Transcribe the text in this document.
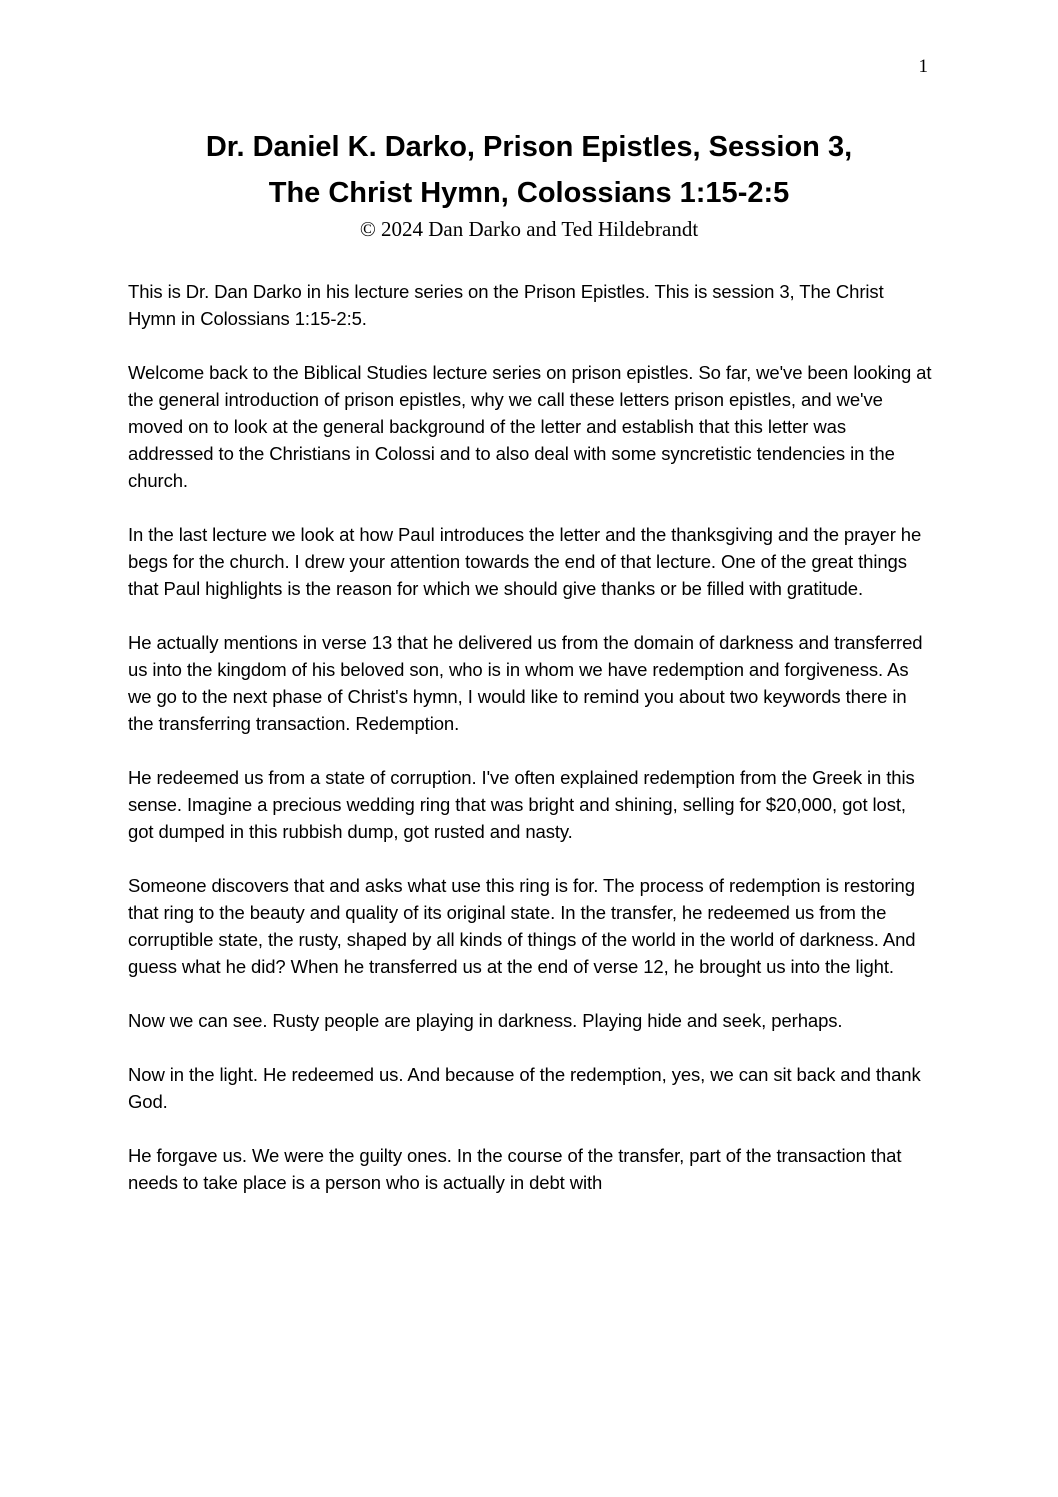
1
Dr. Daniel K. Darko, Prison Epistles, Session 3,
The Christ Hymn, Colossians 1:15-2:5
© 2024 Dan Darko and Ted Hildebrandt

This is Dr. Dan Darko in his lecture series on the Prison Epistles. This is session 3, The Christ Hymn in Colossians 1:15-2:5.

Welcome back to the Biblical Studies lecture series on prison epistles. So far, we've been looking at the general introduction of prison epistles, why we call these letters prison epistles, and we've moved on to look at the general background of the letter and establish that this letter was addressed to the Christians in Colossi and to also deal with some syncretistic tendencies in the church.

In the last lecture we look at how Paul introduces the letter and the thanksgiving and the prayer he begs for the church. I drew your attention towards the end of that lecture. One of the great things that Paul highlights is the reason for which we should give thanks or be filled with gratitude.

He actually mentions in verse 13 that he delivered us from the domain of darkness and transferred us into the kingdom of his beloved son, who is in whom we have redemption and forgiveness. As we go to the next phase of Christ's hymn, I would like to remind you about two keywords there in the transferring transaction. Redemption.

He redeemed us from a state of corruption. I've often explained redemption from the Greek in this sense. Imagine a precious wedding ring that was bright and shining, selling for $20,000, got lost, got dumped in this rubbish dump, got rusted and nasty.

Someone discovers that and asks what use this ring is for. The process of redemption is restoring that ring to the beauty and quality of its original state. In the transfer, he redeemed us from the corruptible state, the rusty, shaped by all kinds of things of the world in the world of darkness. And guess what he did? When he transferred us at the end of verse 12, he brought us into the light.

Now we can see. Rusty people are playing in darkness. Playing hide and seek, perhaps.

Now in the light. He redeemed us. And because of the redemption, yes, we can sit back and thank God.

He forgave us. We were the guilty ones. In the course of the transfer, part of the transaction that needs to take place is a person who is actually in debt with
